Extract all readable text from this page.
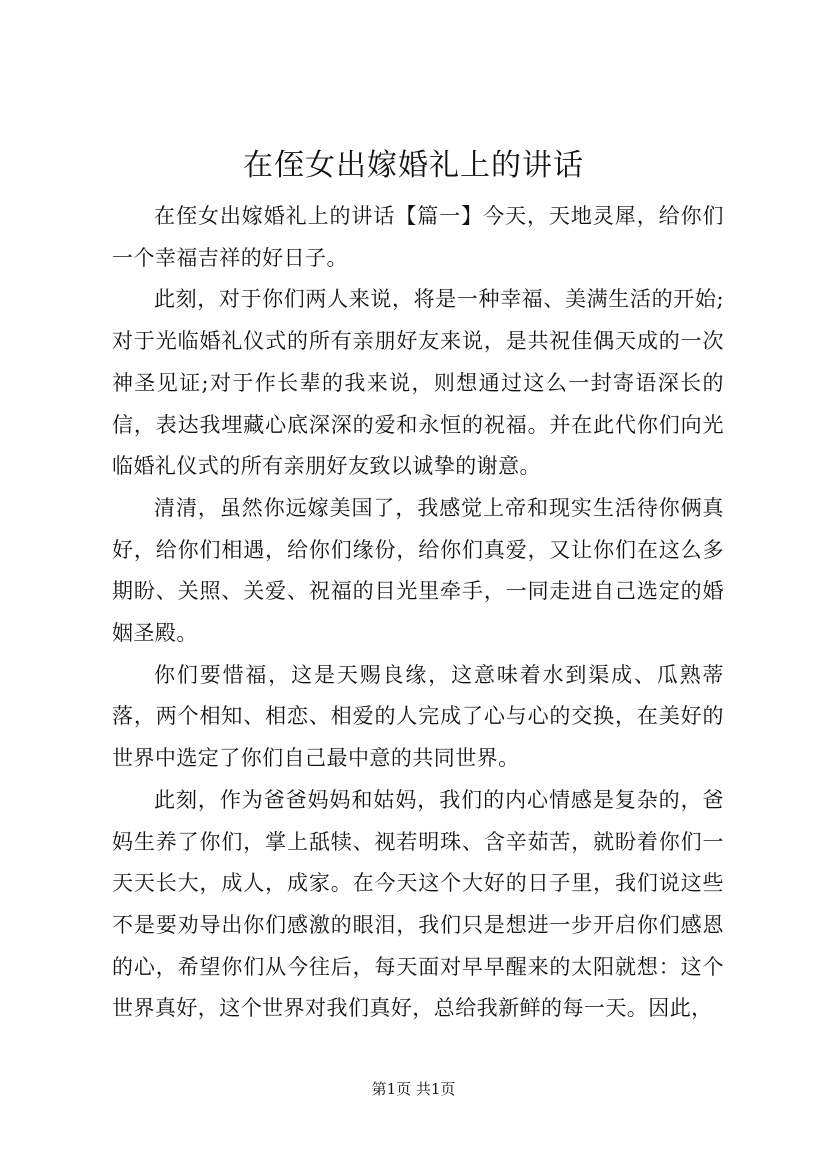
在侄女出嫁婚礼上的讲话

在侄女出嫁婚礼上的讲话【篇一】今天，天地灵犀，给你们一个幸福吉祥的好日子。

此刻，对于你们两人来说，将是一种幸福、美满生活的开始;对于光临婚礼仪式的所有亲朋好友来说，是共祝佳偶天成的一次神圣见证;对于作长辈的我来说，则想通过这么一封寄语深长的信，表达我埋藏心底深深的爱和永恒的祝福。并在此代你们向光临婚礼仪式的所有亲朋好友致以诚挚的谢意。

清清，虽然你远嫁美国了，我感觉上帝和现实生活待你俩真好，给你们相遇，给你们缘份，给你们真爱，又让你们在这么多期盼、关照、关爱、祝福的目光里牵手，一同走进自己选定的婚姻圣殿。

你们要惜福，这是天赐良缘，这意味着水到渠成、瓜熟蒂落，两个相知、相恋、相爱的人完成了心与心的交换，在美好的世界中选定了你们自己最中意的共同世界。

此刻，作为爸爸妈妈和姑妈，我们的内心情感是复杂的，爸妈生养了你们，掌上舐犊、视若明珠、含辛茹苦，就盼着你们一天天长大，成人，成家。在今天这个大好的日子里，我们说这些不是要劝导出你们感激的眼泪，我们只是想进一步开启你们感恩的心，希望你们从今往后，每天面对早早醒来的太阳就想：这个世界真好，这个世界对我们真好，总给我新鲜的每一天。因此，

第1页 共1页
